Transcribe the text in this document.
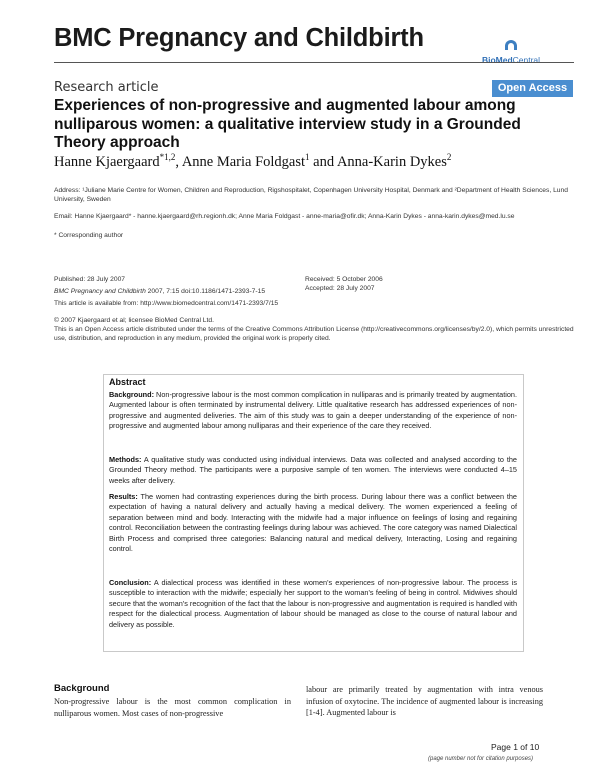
BMC Pregnancy and Childbirth
BioMedCentral
Research article	Open Access
Experiences of non-progressive and augmented labour among nulliparous women: a qualitative interview study in a Grounded Theory approach
Hanne Kjaergaard$^{*1,2}$, Anne Maria Foldgast$^1$ and Anna-Karin Dykes$^2$
Address: ¹Juliane Marie Centre for Women, Children and Reproduction, Rigshospitalet, Copenhagen University Hospital, Denmark and ²Department of Health Sciences, Lund University, Sweden
Email: Hanne Kjaergaard* - hanne.kjaergaard@rh.regionh.dk; Anne Maria Foldgast - anne-maria@ofir.dk; Anna-Karin Dykes - anna-karin.dykes@med.lu.se
* Corresponding author
Published: 28 July 2007
BMC Pregnancy and Childbirth 2007, 7:15 doi:10.1186/1471-2393-7-15
This article is available from: http://www.biomedcentral.com/1471-2393/7/15
Received: 5 October 2006
Accepted: 28 July 2007
© 2007 Kjaergaard et al; licensee BioMed Central Ltd.
This is an Open Access article distributed under the terms of the Creative Commons Attribution License (http://creativecommons.org/licenses/by/2.0), which permits unrestricted use, distribution, and reproduction in any medium, provided the original work is properly cited.
Abstract
Background: Non-progressive labour is the most common complication in nulliparas and is primarily treated by augmentation. Augmented labour is often terminated by instrumental delivery. Little qualitative research has addressed experiences of non-progressive and augmented deliveries. The aim of this study was to gain a deeper understanding of the experience of non-progressive and augmented labour among nulliparas and their experience of the care they received.
Methods: A qualitative study was conducted using individual interviews. Data was collected and analysed according to the Grounded Theory method. The participants were a purposive sample of ten women. The interviews were conducted 4–15 weeks after delivery.
Results: The women had contrasting experiences during the birth process. During labour there was a conflict between the expectation of having a natural delivery and actually having a medical delivery. The women experienced a feeling of separation between mind and body. Interacting with the midwife had a major influence on feelings of losing and regaining control. Reconciliation between the contrasting feelings during labour was achieved. The core category was named Dialectical Birth Process and comprised three categories: Balancing natural and medical delivery, Interacting, Losing and regaining control.
Conclusion: A dialectical process was identified in these women's experiences of non-progressive labour. The process is susceptible to interaction with the midwife; especially her support to the woman's feeling of being in control. Midwives should secure that the woman's recognition of the fact that the labour is non-progressive and augmentation is required is handled with respect for the dialectical process. Augmentation of labour should be managed as close to the course of natural labour and delivery as possible.
Background
Non-progressive labour is the most common complication in nulliparous women. Most cases of non-progressive
labour are primarily treated by augmentation with intra venous infusion of oxytocine. The incidence of augmented labour is increasing [1-4]. Augmented labour is
Page 1 of 10
(page number not for citation purposes)
